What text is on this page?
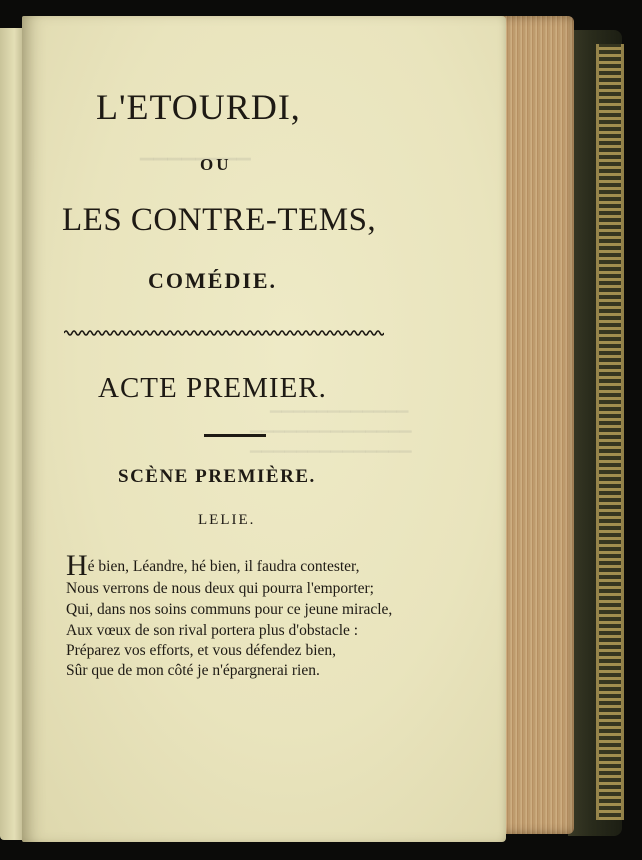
▁▁▁▁▁▁▁▁
▁▁▁▁▁▁▁▁▁▁▁▁
▁▁▁▁▁▁▁▁▁▁▁▁▁▁
▁▁▁▁▁▁▁▁▁▁▁▁▁▁
L'ETOURDI,
OU
LES CONTRE-TEMS,
COMÉDIE.
ACTE PREMIER.
SCÈNE PREMIÈRE.
LELIE.
Hé bien, Léandre, hé bien, il faudra contester,
Nous verrons de nous deux qui pourra l'emporter;
Qui, dans nos soins communs pour ce jeune miracle,
Aux vœux de son rival portera plus d'obstacle :
Préparez vos efforts, et vous défendez bien,
Sûr que de mon côté je n'épargnerai rien.
